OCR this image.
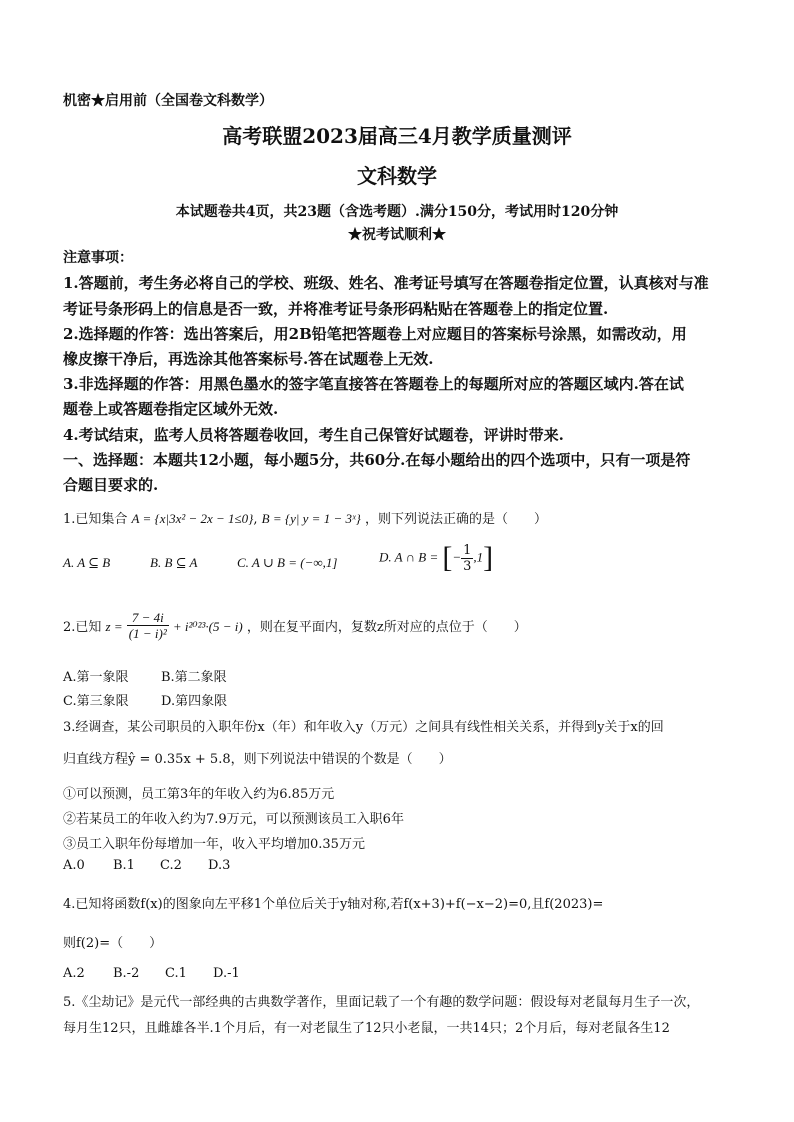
机密★启用前（全国卷文科数学）
高考联盟2023届高三4月教学质量测评
文科数学
本试题卷共4页，共23题（含选考题）.满分150分，考试用时120分钟
★祝考试顺利★
注意事项：
1.答题前，考生务必将自己的学校、班级、姓名、准考证号填写在答题卷指定位置，认真核对与准
考证号条形码上的信息是否一致，并将准考证号条形码粘贴在答题卷上的指定位置.
2.选择题的作答：选出答案后，用2B铅笔把答题卷上对应题目的答案标号涂黑，如需改动，用
橡皮擦干净后，再选涂其他答案标号.答在试题卷上无效.
3.非选择题的作答：用黑色墨水的签字笔直接答在答题卷上的每题所对应的答题区域内.答在试
题卷上或答题卷指定区域外无效.
4.考试结束，监考人员将答题卷收回，考生自己保管好试题卷，评讲时带来.
一、选择题：本题共12小题，每小题5分，共60分.在每小题给出的四个选项中，只有一项是符
合题目要求的.
1.已知集合 A = {x|3x² − 2x − 1≤0}, B = {y| y = 1 − 3ˣ} ，则下列说法正确的是（　　）
A. A ⊆ B	B. B ⊆ A	C. A ∪ B = (−∞,1]	D. A ∩ B = [− $\frac{1}{3} ,1$]
2.已知 $z = \frac{7 - 4i}{\text{(1 − i)²}} + i^{2023}\cdot(5 - i)$ ，则在复平面内，复数z所对应的点位于（　　）
A.第一象限 B.第二象限
C.第三象限 D.第四象限
3.经调查，某公司职员的入职年份x（年）和年收入y（万元）之间具有线性相关关系，并得到y关于x的回
归直线方程ŷ = 0.35x + 5.8，则下列说法中错误的个数是（　　）
①可以预测，员工第3年的年收入约为6.85万元
②若某员工的年收入约为7.9万元，可以预测该员工入职6年
③员工入职年份每增加一年，收入平均增加0.35万元
A.0 B.1 C.2 D.3
4.已知将函数f(x)的图象向左平移1个单位后关于y轴对称,若f(x+3)+f(−x−2)=0,且f(2023)=
则f(2)=（　　）
A.2 B.-2 C.1 D.-1
5.《尘劫记》是元代一部经典的古典数学著作，里面记载了一个有趣的数学问题：假设每对老鼠每月生子一次，
每月生12只，且雌雄各半.1个月后，有一对老鼠生了12只小老鼠，一共14只；2个月后，每对老鼠各生12
